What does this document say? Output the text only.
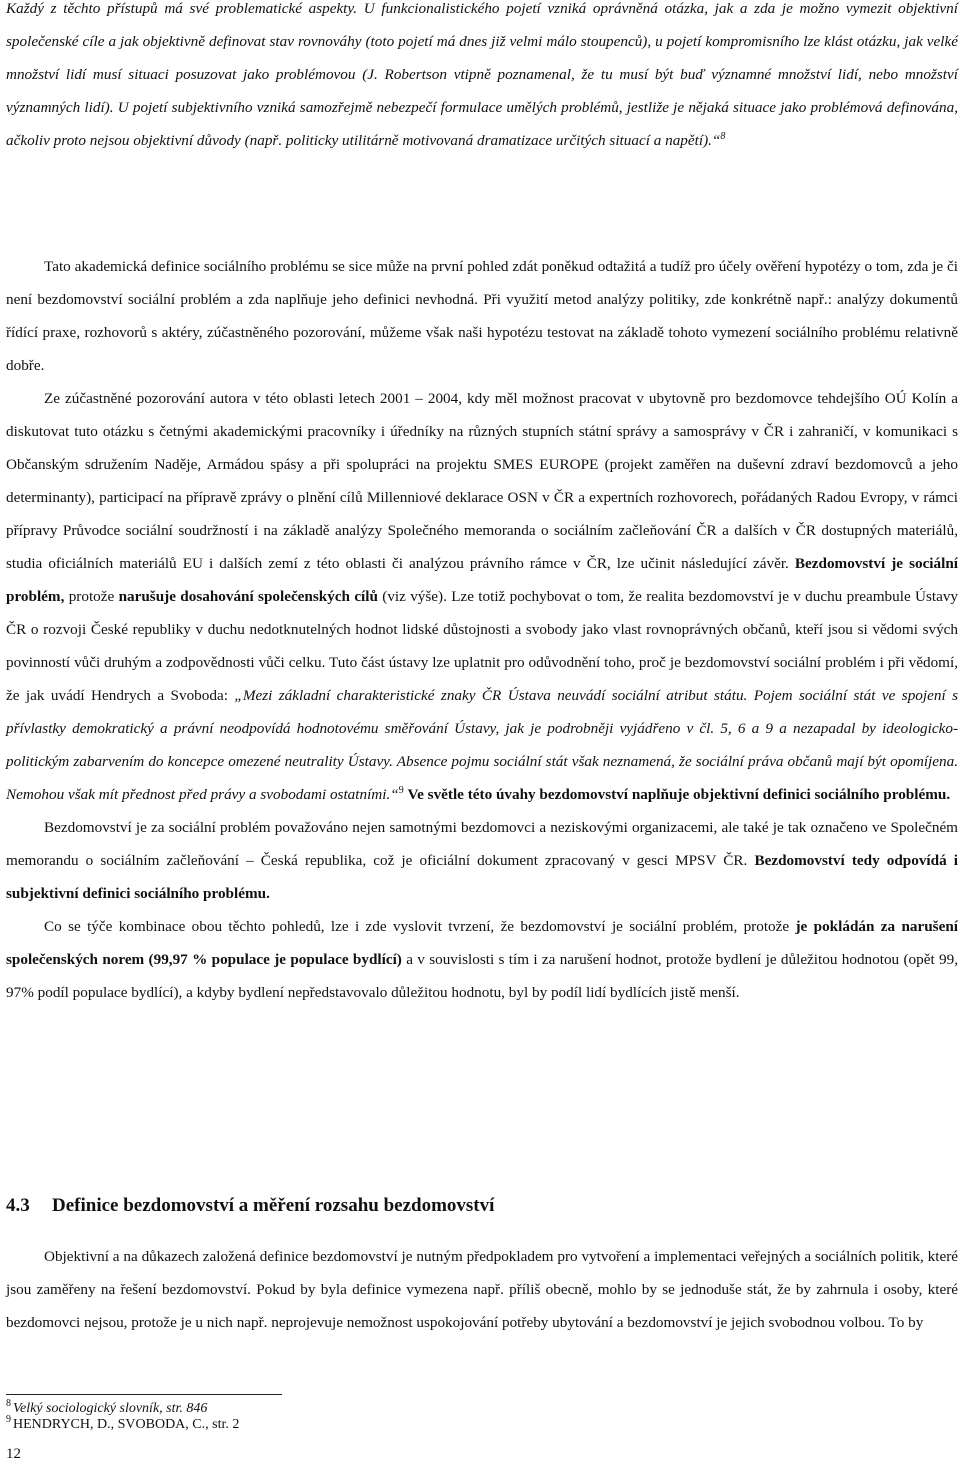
Každý z těchto přístupů má své problematické aspekty. U funkcionalistického pojetí vzniká oprávněná otázka, jak a zda je možno vymezit objektivní společenské cíle a jak objektivně definovat stav rovnováhy (toto pojetí má dnes již velmi málo stoupenců), u pojetí kompromisního lze klást otázku, jak velké množství lidí musí situaci posuzovat jako problémovou (J. Robertson vtipně poznamenal, že tu musí být buď významné množství lidí, nebo množství významných lidí). U pojetí subjektivního vzniká samozřejmě nebezpečí formulace umělých problémů, jestliže je nějaká situace jako problémová definována, ačkoliv proto nejsou objektivní důvody (např. politicky utilitárně motivovaná dramatizace určitých situací a napětí).“$^8$

Tato akademická definice sociálního problému se sice může na první pohled zdát poněkud odtažitá a tudíž pro účely ověření hypotézy o tom, zda je či není bezdomovství sociální problém a zda naplňuje jeho definici nevhodná. Při využití metod analýzy politiky, zde konkrétně např.: analýzy dokumentů řídící praxe, rozhovorů s aktéry, zúčastněného pozorování, můžeme však naši hypotézu testovat na základě tohoto vymezení sociálního problému relativně dobře.

Ze zúčastněné pozorování autora v této oblasti letech 2001 – 2004, kdy měl možnost pracovat v ubytovně pro bezdomovce tehdejšího OÚ Kolín a diskutovat tuto otázku s četnými akademickými pracovníky i úředníky na různých stupních státní správy a samosprávy v ČR i zahraničí, v komunikaci s Občanským sdružením Naděje, Armádou spásy a při spolupráci na projektu SMES EUROPE (projekt zaměřen na duševní zdraví bezdomovců a jeho determinanty), participací na přípravě zprávy o plnění cílů Millenniové deklarace OSN v ČR a expertních rozhovorech, pořádaných Radou Evropy, v rámci přípravy Průvodce sociální soudržností i na základě analýzy Společného memoranda o sociálním začleňování ČR a dalších v ČR dostupných materiálů, studia oficiálních materiálů EU i dalších zemí z této oblasti či analýzou právního rámce v ČR, lze učinit následující závěr. Bezdomovství je sociální problém, protože narušuje dosahování společenských cílů (viz výše). Lze totiž pochybovat o tom, že realita bezdomovství je v duchu preambule Ústavy ČR o rozvoji České republiky v duchu nedotknutelných hodnot lidské důstojnosti a svobody jako vlast rovnoprávných občanů, kteří jsou si vědomi svých povinností vůči druhým a zodpovědnosti vůči celku. Tuto část ústavy lze uplatnit pro odůvodnění toho, proč je bezdomovství sociální problém i při vědomí, že jak uvádí Hendrych a Svoboda: „Mezi základní charakteristické znaky ČR Ústava neuvádí sociální atribut státu. Pojem sociální stát ve spojení s přívlastky demokratický a právní neodpovídá hodnotovému směřování Ústavy, jak je podrobněji vyjádřeno v čl. 5, 6 a 9 a nezapadal by ideologicko-politickým zabarvením do koncepce omezené neutrality Ústavy. Absence pojmu sociální stát však neznamená, že sociální práva občanů mají být opomíjena. Nemohou však mít přednost před právy a svobodami ostatními.“$^9$ Ve světle této úvahy bezdomovství naplňuje objektivní definici sociálního problému.

Bezdomovství je za sociální problém považováno nejen samotnými bezdomovci a neziskovými organizacemi, ale také je tak označeno ve Společném memorandu o sociálním začleňování – Česká republika, což je oficiální dokument zpracovaný v gesci MPSV ČR. Bezdomovství tedy odpovídá i subjektivní definici sociálního problému.

Co se týče kombinace obou těchto pohledů, lze i zde vyslovit tvrzení, že bezdomovství je sociální problém, protože je pokládán za narušení společenských norem (99,97 % populace je populace bydlící) a v souvislosti s tím i za narušení hodnot, protože bydlení je důležitou hodnotou (opět 99, 97% podíl populace bydlící), a kdyby bydlení nepředstavovalo důležitou hodnotu, byl by podíl lidí bydlících jistě menší.

4.3 Definice bezdomovství a měření rozsahu bezdomovství

Objektivní a na důkazech založená definice bezdomovství je nutným předpokladem pro vytvoření a implementaci veřejných a sociálních politik, které jsou zaměřeny na řešení bezdomovství. Pokud by byla definice vymezena např. příliš obecně, mohlo by se jednoduše stát, že by zahrnula i osoby, které bezdomovci nejsou, protože je u nich např. neprojevuje nemožnost uspokojování potřeby ubytování a bezdomovství je jejich svobodnou volbou. To by

$^8$ Velký sociologický slovník, str. 846
$^9$ HENDRYCH, D., SVOBODA, C., str. 2
12
